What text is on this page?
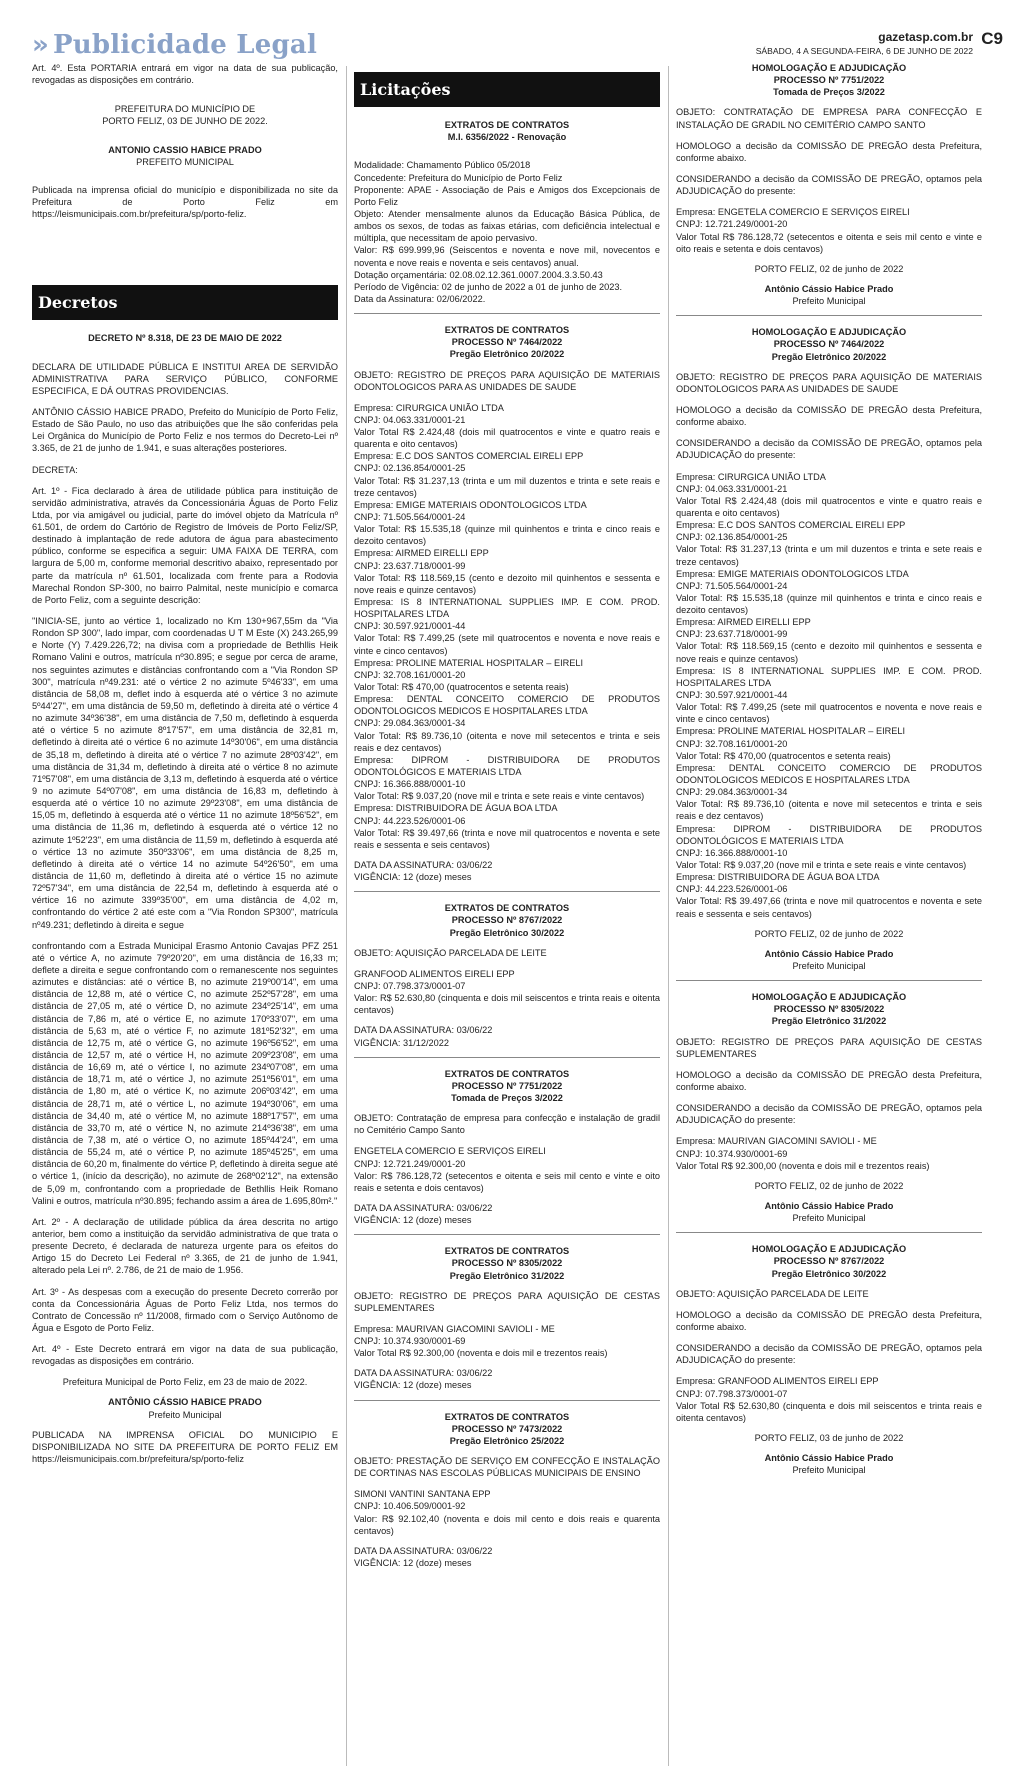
» Publicidade Legal	gazetasp.com.br
SÁBADO, 4 A SEGUNDA-FEIRA, 6 DE JUNHO DE 2022
C9

Art. 4º. Esta PORTARIA entrará em vigor na data de sua publicação, revogadas as disposições em contrário.

PREFEITURA DO MUNICÍPIO DE
PORTO FELIZ, 03 DE JUNHO DE 2022.
ANTONIO CASSIO HABICE PRADO
PREFEITO MUNICIPAL

Publicada na imprensa oficial do município e disponibilizada no site da Prefeitura de Porto Feliz em https://leismunicipais.com.br/prefeitura/sp/porto-feliz.

Decretos
DECRETO Nº 8.318, DE 23 DE MAIO DE 2022

DECLARA DE UTILIDADE PÚBLICA E INSTITUI AREA DE SERVIDÃO ADMINISTRATIVA PARA SERVIÇO PÚBLICO, CONFORME ESPECIFICA, E DÁ OUTRAS PROVIDENCIAS.

ANTÔNIO CÁSSIO HABICE PRADO, Prefeito do Município de Porto Feliz, Estado de São Paulo, no uso das atribuições que lhe são conferidas pela Lei Orgânica do Município de Porto Feliz e nos termos do Decreto-Lei nº 3.365, de 21 de junho de 1.941, e suas alterações posteriores.

DECRETA:

Art. 1º - Fica declarado à área de utilidade pública para instituição de servidão administrativa, através da Concessionária Águas de Porto Feliz Ltda, por via amigável ou judicial, parte do imóvel objeto da Matrícula nº 61.501, de ordem do Cartório de Registro de Imóveis de Porto Feliz/SP, destinado à implantação de rede adutora de água para abastecimento público, conforme se especifica a seguir: UMA FAIXA DE TERRA, com largura de 5,00 m, conforme memorial descritivo abaixo, representado por parte da matrícula nº 61.501, localizada com frente para a Rodovia Marechal Rondon SP-300, no bairro Palmital, neste município e comarca de Porto Feliz, com a seguinte descrição:

"INICIA-SE, junto ao vértice 1, localizado no Km 130+967,55m da "Via Rondon SP 300", lado impar, com coordenadas U T M Este (X) 243.265,99 e Norte (Y) 7.429.226,72; na divisa com a propriedade de Bethllis Heik Romano Valini e outros, matrícula nº30.895; e segue por cerca de arame, nos seguintes azimutes e distâncias confrontando com a "Via Rondon SP 300", matrícula nº49.231: até o vértice 2 no azimute 5º46'33", em uma distância de 58,08 m, deflet indo à esquerda até o vértice 3 no azimute 5º44'27", em uma distância de 59,50 m, defletindo à direita até o vértice 4 no azimute 34º36'38", em uma distância de 7,50 m, defletindo à esquerda até o vértice 5 no azimute 8º17'57", em uma distância de 32,81 m, defletindo à direita até o vértice 6 no azimute 14º30'06", em uma distância de 35,18 m, defletindo à direita até o vértice 7 no azimute 28º03'42", em uma distância de 31,34 m, defletindo à direita até o vértice 8 no azimute 71º57'08", em uma distância de 3,13 m, defletindo à esquerda até o vértice 9 no azimute 54º07'08", em uma distância de 16,83 m, defletindo à esquerda até o vértice 10 no azimute 29º23'08", em uma distância de 15,05 m, defletindo à esquerda até o vértice 11 no azimute 18º56'52", em uma distância de 11,36 m, defletindo à esquerda até o vértice 12 no azimute 1º52'23", em uma distância de 11,59 m, defletindo à esquerda até o vértice 13 no azimute 350º33'06", em uma distância de 8,25 m, defletindo à direita até o vértice 14 no azimute 54º26'50", em uma distância de 11,60 m, defletindo à direita até o vértice 15 no azimute 72º57'34", em uma distância de 22,54 m, defletindo à esquerda até o vértice 16 no azimute 339º35'00", em uma distância de 4,02 m, confrontando do vértice 2 até este com a "Via Rondon SP300", matrícula nº49.231; defletindo à direita e segue

confrontando com a Estrada Municipal Erasmo Antonio Cavajas PFZ 251 até o vértice A, no azimute 79º20'20", em uma distância de 16,33 m; deflete a direita e segue confrontando com o remanescente nos seguintes azimutes e distâncias: até o vértice B, no azimute 219º00'14", em uma distância de 12,88 m, até o vértice C, no azimute 252º57'28", em uma distância de 27,05 m, até o vértice D, no azimute 234º25'14", em uma distância de 7,86 m, até o vértice E, no azimute 170º33'07", em uma distância de 5,63 m, até o vértice F, no azimute 181º52'32", em uma distância de 12,75 m, até o vértice G, no azimute 196º56'52", em uma distância de 12,57 m, até o vértice H, no azimute 209º23'08", em uma distância de 16,69 m, até o vértice I, no azimute 234º07'08", em uma distância de 18,71 m, até o vértice J, no azimute 251º56'01", em uma distância de 1,80 m, até o vértice K, no azimute 206º03'42", em uma distância de 28,71 m, até o vértice L, no azimute 194º30'06", em uma distância de 34,40 m, até o vértice M, no azimute 188º17'57", em uma distância de 33,70 m, até o vértice N, no azimute 214º36'38", em uma distância de 7,38 m, até o vértice O, no azimute 185º44'24", em uma distância de 55,24 m, até o vértice P, no azimute 185º45'25", em uma distância de 60,20 m, finalmente do vértice P, defletindo à direita segue até o vértice 1, (início da descrição), no azimute de 268º02'12", na extensão de 5,09 m, confrontando com a propriedade de Bethllis Heik Romano Valini e outros, matrícula nº30.895; fechando assim a área de 1.695,80m²."

Art. 2º - A declaração de utilidade pública da área descrita no artigo anterior, bem como a instituição da servidão administrativa de que trata o presente Decreto, é declarada de natureza urgente para os efeitos do Artigo 15 do Decreto Lei Federal nº 3.365, de 21 de junho de 1.941, alterado pela Lei nº. 2.786, de 21 de maio de 1.956.

Art. 3º - As despesas com a execução do presente Decreto correrão por conta da Concessionária Águas de Porto Feliz Ltda, nos termos do Contrato de Concessão nº 11/2008, firmado com o Serviço Autônomo de Água e Esgoto de Porto Feliz.

Art. 4º - Este Decreto entrará em vigor na data de sua publicação, revogadas as disposições em contrário.

Prefeitura Municipal de Porto Feliz, em 23 de maio de 2022.
ANTÔNIO CÁSSIO HABICE PRADO
Prefeito Municipal

PUBLICADA NA IMPRENSA OFICIAL DO MUNICIPIO E DISPONIBILIZADA NO SITE DA PREFEITURA DE PORTO FELIZ EM https://leismunicipais.com.br/prefeitura/sp/porto-feliz

Licitações
EXTRATOS DE CONTRATOS
M.I. 6356/2022 - Renovação
Modalidade: Chamamento Público 05/2018
Concedente: Prefeitura do Município de Porto Feliz
Proponente: APAE - Associação de Pais e Amigos dos Excepcionais de Porto Feliz
Objeto: Atender mensalmente alunos da Educação Básica Pública, de ambos os sexos, de todas as faixas etárias, com deficiência intelectual e múltipla, que necessitam de apoio pervasivo.
Valor: R$ 699.999,96 (Seiscentos e noventa e nove mil, novecentos e noventa e nove reais e noventa e seis centavos) anual.
Dotação orçamentária: 02.08.02.12.361.0007.2004.3.3.50.43
Período de Vigência: 02 de junho de 2022 a 01 de junho de 2023.
Data da Assinatura: 02/06/2022.
EXTRATOS DE CONTRATOS
PROCESSO Nº 7464/2022
Pregão Eletrônico 20/2022

OBJETO: REGISTRO DE PREÇOS PARA AQUISIÇÃO DE MATERIAIS ODONTOLOGICOS PARA AS UNIDADES DE SAUDE

Empresa: CIRURGICA UNIÃO LTDA
CNPJ: 04.063.331/0001-21
Valor Total R$ 2.424,48 (dois mil quatrocentos e vinte e quatro reais e quarenta e oito centavos)
Empresa: E.C DOS SANTOS COMERCIAL EIRELI EPP
CNPJ: 02.136.854/0001-25
Valor Total: R$ 31.237,13 (trinta e um mil duzentos e trinta e sete reais e treze centavos)
Empresa: EMIGE MATERIAIS ODONTOLOGICOS LTDA
CNPJ: 71.505.564/0001-24
Valor Total: R$ 15.535,18 (quinze mil quinhentos e trinta e cinco reais e dezoito centavos)
Empresa: AIRMED EIRELLI EPP
CNPJ: 23.637.718/0001-99
Valor Total: R$ 118.569,15 (cento e dezoito mil quinhentos e sessenta e nove reais e quinze centavos)
Empresa: IS 8 INTERNATIONAL SUPPLIES IMP. E COM. PROD. HOSPITALARES LTDA
CNPJ: 30.597.921/0001-44
Valor Total: R$ 7.499,25 (sete mil quatrocentos e noventa e nove reais e vinte e cinco centavos)
Empresa: PROLINE MATERIAL HOSPITALAR – EIRELI
CNPJ: 32.708.161/0001-20
Valor Total: R$ 470,00 (quatrocentos e setenta reais)
Empresa: DENTAL CONCEITO COMERCIO DE PRODUTOS ODONTOLOGICOS MEDICOS E HOSPITALARES LTDA
CNPJ: 29.084.363/0001-34
Valor Total: R$ 89.736,10 (oitenta e nove mil setecentos e trinta e seis reais e dez centavos)
Empresa: DIPROM - DISTRIBUIDORA DE PRODUTOS ODONTOLÓGICOS E MATERIAIS LTDA
CNPJ: 16.366.888/0001-10
Valor Total: R$ 9.037,20 (nove mil e trinta e sete reais e vinte centavos)
Empresa: DISTRIBUIDORA DE ÁGUA BOA LTDA
CNPJ: 44.223.526/0001-06
Valor Total: R$ 39.497,66 (trinta e nove mil quatrocentos e noventa e sete reais e sessenta e seis centavos)
DATA DA ASSINATURA: 03/06/22
VIGÊNCIA: 12 (doze) meses
EXTRATOS DE CONTRATOS
PROCESSO Nº 8767/2022
Pregão Eletrônico 30/2022

OBJETO: AQUISIÇÃO PARCELADA DE LEITE

GRANFOOD ALIMENTOS EIRELI EPP
CNPJ: 07.798.373/0001-07
Valor: R$ 52.630,80 (cinquenta e dois mil seiscentos e trinta reais e oitenta centavos)
DATA DA ASSINATURA: 03/06/22
VIGÊNCIA: 31/12/2022
EXTRATOS DE CONTRATOS
PROCESSO Nº 7751/2022
Tomada de Preços 3/2022

OBJETO: Contratação de empresa para confecção e instalação de gradil no Cemitério Campo Santo

ENGETELA COMERCIO E SERVIÇOS EIRELI
CNPJ: 12.721.249/0001-20
Valor: R$ 786.128,72 (setecentos e oitenta e seis mil cento e vinte e oito reais e setenta e dois centavos)
DATA DA ASSINATURA: 03/06/22
VIGÊNCIA: 12 (doze) meses
EXTRATOS DE CONTRATOS
PROCESSO Nº 8305/2022
Pregão Eletrônico 31/2022

OBJETO: REGISTRO DE PREÇOS PARA AQUISIÇÃO DE CESTAS SUPLEMENTARES

Empresa: MAURIVAN GIACOMINI SAVIOLI - ME
CNPJ: 10.374.930/0001-69
Valor Total R$ 92.300,00 (noventa e dois mil e trezentos reais)
DATA DA ASSINATURA: 03/06/22
VIGÊNCIA: 12 (doze) meses
EXTRATOS DE CONTRATOS
PROCESSO Nº 7473/2022
Pregão Eletrônico 25/2022

OBJETO: PRESTAÇÃO DE SERVIÇO EM CONFECÇÃO E INSTALAÇÃO DE CORTINAS NAS ESCOLAS PÚBLICAS MUNICIPAIS DE ENSINO

SIMONI VANTINI SANTANA EPP
CNPJ: 10.406.509/0001-92
Valor: R$ 92.102,40 (noventa e dois mil cento e dois reais e quarenta centavos)
DATA DA ASSINATURA: 03/06/22
VIGÊNCIA: 12 (doze) meses
HOMOLOGAÇÃO E ADJUDICAÇÃO
PROCESSO Nº 7751/2022
Tomada de Preços 3/2022

OBJETO: CONTRATAÇÃO DE EMPRESA PARA CONFECÇÃO E INSTALAÇÃO DE GRADIL NO CEMITÉRIO CAMPO SANTO

HOMOLOGO a decisão da COMISSÃO DE PREGÃO desta Prefeitura, conforme abaixo.

CONSIDERANDO a decisão da COMISSÃO DE PREGÃO, optamos pela ADJUDICAÇÃO do presente:

Empresa: ENGETELA COMERCIO E SERVIÇOS EIRELI
CNPJ: 12.721.249/0001-20
Valor Total R$ 786.128,72 (setecentos e oitenta e seis mil cento e vinte e oito reais e setenta e dois centavos)
PORTO FELIZ, 02 de junho de 2022
Antônio Cássio Habice Prado
Prefeito Municipal
HOMOLOGAÇÃO E ADJUDICAÇÃO
PROCESSO Nº 7464/2022
Pregão Eletrônico 20/2022

OBJETO: REGISTRO DE PREÇOS PARA AQUISIÇÃO DE MATERIAIS ODONTOLOGICOS PARA AS UNIDADES DE SAUDE

HOMOLOGO a decisão da COMISSÃO DE PREGÃO desta Prefeitura, conforme abaixo.

CONSIDERANDO a decisão da COMISSÃO DE PREGÃO, optamos pela ADJUDICAÇÃO do presente:

Empresa: CIRURGICA UNIÃO LTDA
CNPJ: 04.063.331/0001-21
Valor Total R$ 2.424,48 (dois mil quatrocentos e vinte e quatro reais e quarenta e oito centavos)
Empresa: E.C DOS SANTOS COMERCIAL EIRELI EPP
CNPJ: 02.136.854/0001-25
Valor Total: R$ 31.237,13 (trinta e um mil duzentos e trinta e sete reais e treze centavos)
Empresa: EMIGE MATERIAIS ODONTOLOGICOS LTDA
CNPJ: 71.505.564/0001-24
Valor Total: R$ 15.535,18 (quinze mil quinhentos e trinta e cinco reais e dezoito centavos)
Empresa: AIRMED EIRELLI EPP
CNPJ: 23.637.718/0001-99
Valor Total: R$ 118.569,15 (cento e dezoito mil quinhentos e sessenta e nove reais e quinze centavos)
Empresa: IS 8 INTERNATIONAL SUPPLIES IMP. E COM. PROD. HOSPITALARES LTDA
CNPJ: 30.597.921/0001-44
Valor Total: R$ 7.499,25 (sete mil quatrocentos e noventa e nove reais e vinte e cinco centavos)
Empresa: PROLINE MATERIAL HOSPITALAR – EIRELI
CNPJ: 32.708.161/0001-20
Valor Total: R$ 470,00 (quatrocentos e setenta reais)
Empresa: DENTAL CONCEITO COMERCIO DE PRODUTOS ODONTOLOGICOS MEDICOS E HOSPITALARES LTDA
CNPJ: 29.084.363/0001-34
Valor Total: R$ 89.736,10 (oitenta e nove mil setecentos e trinta e seis reais e dez centavos)
Empresa: DIPROM - DISTRIBUIDORA DE PRODUTOS ODONTOLÓGICOS E MATERIAIS LTDA
CNPJ: 16.366.888/0001-10
Valor Total: R$ 9.037,20 (nove mil e trinta e sete reais e vinte centavos)
Empresa: DISTRIBUIDORA DE ÁGUA BOA LTDA
CNPJ: 44.223.526/0001-06
Valor Total: R$ 39.497,66 (trinta e nove mil quatrocentos e noventa e sete reais e sessenta e seis centavos)
PORTO FELIZ, 02 de junho de 2022
Antônio Cássio Habice Prado
Prefeito Municipal
HOMOLOGAÇÃO E ADJUDICAÇÃO
PROCESSO Nº 8305/2022
Pregão Eletrônico 31/2022

OBJETO: REGISTRO DE PREÇOS PARA AQUISIÇÃO DE CESTAS SUPLEMENTARES

HOMOLOGO a decisão da COMISSÃO DE PREGÃO desta Prefeitura, conforme abaixo.

CONSIDERANDO a decisão da COMISSÃO DE PREGÃO, optamos pela ADJUDICAÇÃO do presente:

Empresa: MAURIVAN GIACOMINI SAVIOLI - ME
CNPJ: 10.374.930/0001-69
Valor Total R$ 92.300,00 (noventa e dois mil e trezentos reais)
PORTO FELIZ, 02 de junho de 2022
Antônio Cássio Habice Prado
Prefeito Municipal
HOMOLOGAÇÃO E ADJUDICAÇÃO
PROCESSO Nº 8767/2022
Pregão Eletrônico 30/2022

OBJETO: AQUISIÇÃO PARCELADA DE LEITE

HOMOLOGO a decisão da COMISSÃO DE PREGÃO desta Prefeitura, conforme abaixo.

CONSIDERANDO a decisão da COMISSÃO DE PREGÃO, optamos pela ADJUDICAÇÃO do presente:

Empresa: GRANFOOD ALIMENTOS EIRELI EPP
CNPJ: 07.798.373/0001-07
Valor Total R$ 52.630,80 (cinquenta e dois mil seiscentos e trinta reais e oitenta centavos)
PORTO FELIZ, 03 de junho de 2022
Antônio Cássio Habice Prado
Prefeito Municipal
